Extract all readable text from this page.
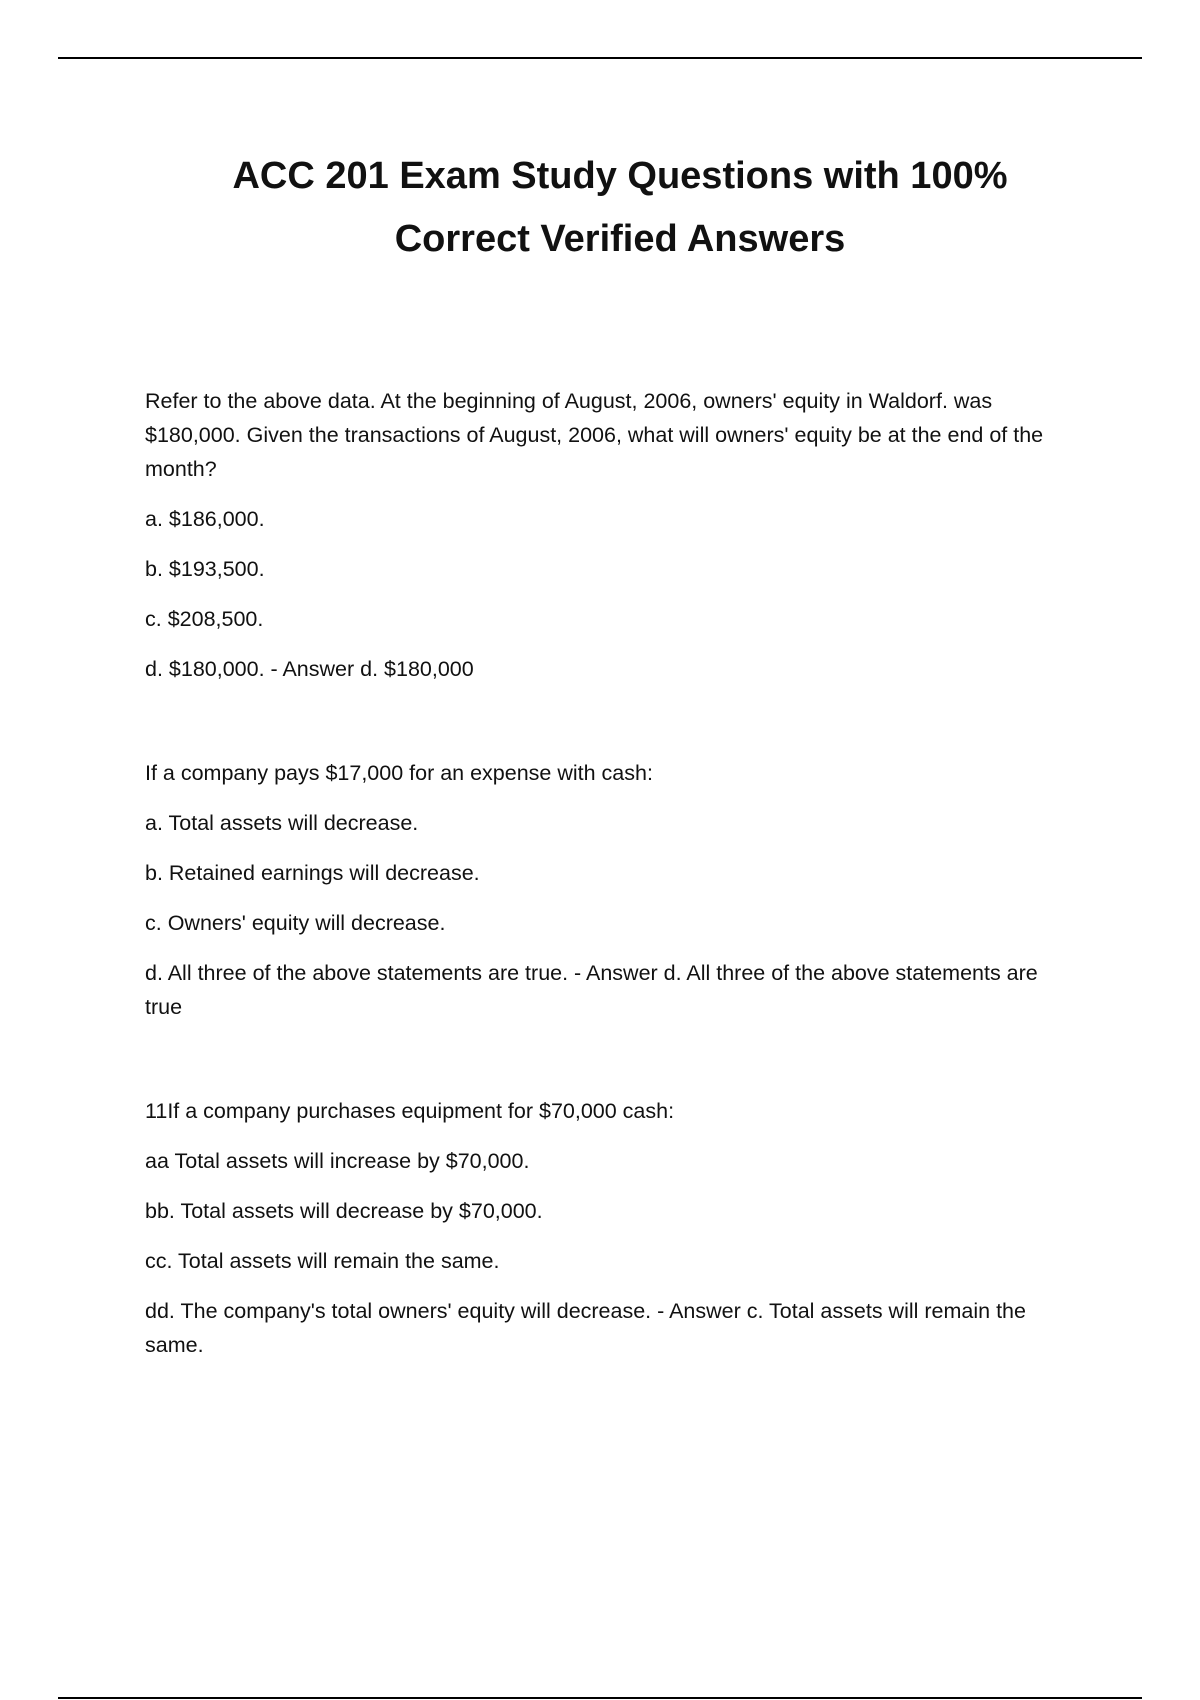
ACC 201 Exam Study Questions with 100%
Correct Verified Answers

Refer to the above data. At the beginning of August, 2006, owners' equity in Waldorf. was $180,000. Given the transactions of August, 2006, what will owners' equity be at the end of the month?

a. $186,000.

b. $193,500.

c. $208,500.

d. $180,000. - Answer d. $180,000

If a company pays $17,000 for an expense with cash:

a. Total assets will decrease.

b. Retained earnings will decrease.

c. Owners' equity will decrease.

d. All three of the above statements are true. - Answer d. All three of the above statements are true

11If a company purchases equipment for $70,000 cash:

aa Total assets will increase by $70,000.

bb. Total assets will decrease by $70,000.

cc. Total assets will remain the same.

dd. The company's total owners' equity will decrease. - Answer c. Total assets will remain the same.
